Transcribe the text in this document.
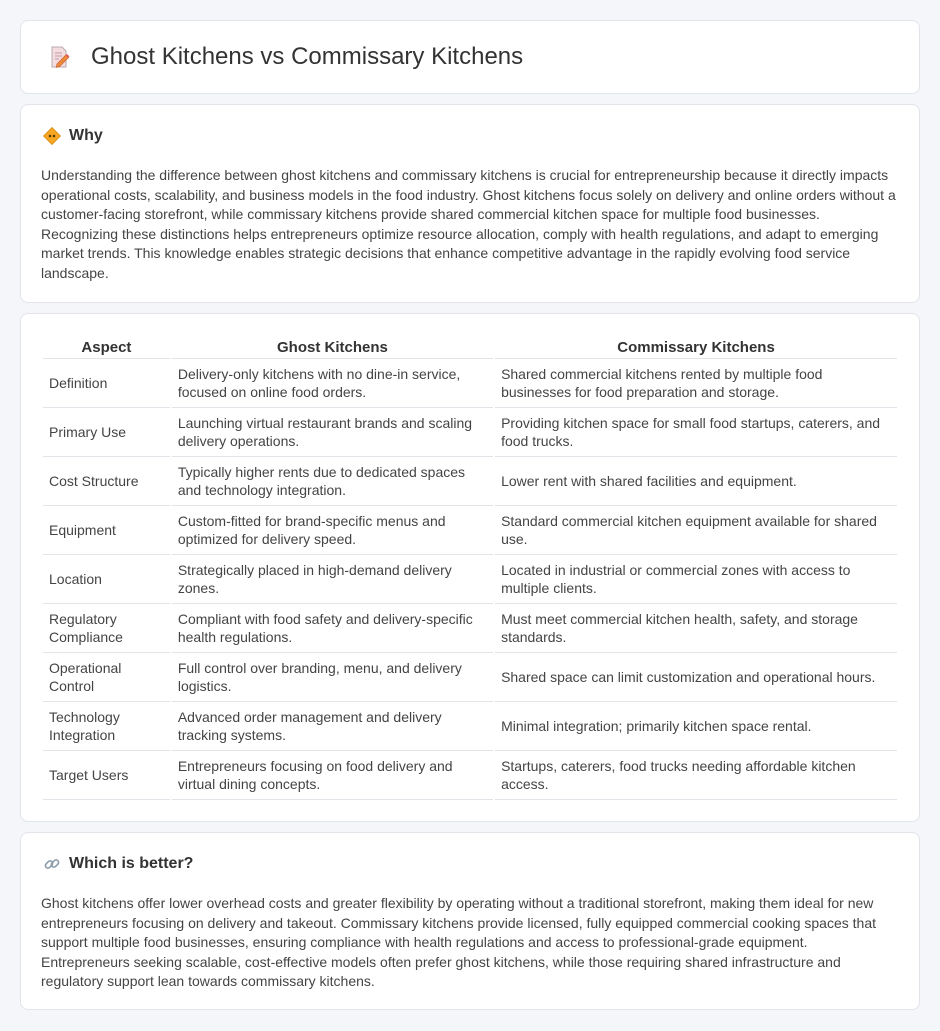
Ghost Kitchens vs Commissary Kitchens
Why

Understanding the difference between ghost kitchens and commissary kitchens is crucial for entrepreneurship because it directly impacts operational costs, scalability, and business models in the food industry. Ghost kitchens focus solely on delivery and online orders without a customer-facing storefront, while commissary kitchens provide shared commercial kitchen space for multiple food businesses. Recognizing these distinctions helps entrepreneurs optimize resource allocation, comply with health regulations, and adapt to emerging market trends. This knowledge enables strategic decisions that enhance competitive advantage in the rapidly evolving food service landscape.

Aspect	Ghost Kitchens	Commissary Kitchens
Definition	Delivery-only kitchens with no dine-in service, focused on online food orders.	Shared commercial kitchens rented by multiple food businesses for food preparation and storage.
Primary Use	Launching virtual restaurant brands and scaling delivery operations.	Providing kitchen space for small food startups, caterers, and food trucks.
Cost Structure	Typically higher rents due to dedicated spaces and technology integration.	Lower rent with shared facilities and equipment.
Equipment	Custom-fitted for brand-specific menus and optimized for delivery speed.	Standard commercial kitchen equipment available for shared use.
Location	Strategically placed in high-demand delivery zones.	Located in industrial or commercial zones with access to multiple clients.
Regulatory Compliance	Compliant with food safety and delivery-specific health regulations.	Must meet commercial kitchen health, safety, and storage standards.
Operational Control	Full control over branding, menu, and delivery logistics.	Shared space can limit customization and operational hours.
Technology Integration	Advanced order management and delivery tracking systems.	Minimal integration; primarily kitchen space rental.
Target Users	Entrepreneurs focusing on food delivery and virtual dining concepts.	Startups, caterers, food trucks needing affordable kitchen access.
Which is better?

Ghost kitchens offer lower overhead costs and greater flexibility by operating without a traditional storefront, making them ideal for new entrepreneurs focusing on delivery and takeout. Commissary kitchens provide licensed, fully equipped commercial cooking spaces that support multiple food businesses, ensuring compliance with health regulations and access to professional-grade equipment. Entrepreneurs seeking scalable, cost-effective models often prefer ghost kitchens, while those requiring shared infrastructure and regulatory support lean towards commissary kitchens.
